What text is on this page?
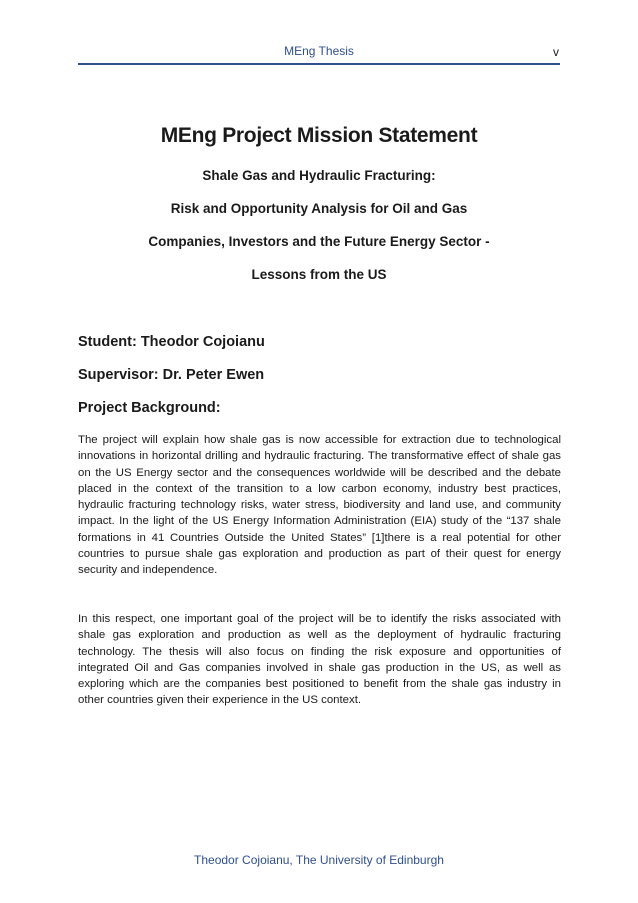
MEng Thesis	v
MEng Project Mission Statement
Shale Gas and Hydraulic Fracturing:
Risk and Opportunity Analysis for Oil and Gas
Companies, Investors and the Future Energy Sector -
Lessons from the US
Student: Theodor Cojoianu
Supervisor: Dr. Peter Ewen
Project Background:

The project will explain how shale gas is now accessible for extraction due to technological innovations in horizontal drilling and hydraulic fracturing. The transformative effect of shale gas on the US Energy sector and the consequences worldwide will be described and the debate placed in the context of the transition to a low carbon economy, industry best practices, hydraulic fracturing technology risks, water stress, biodiversity and land use, and community impact. In the light of the US Energy Information Administration (EIA) study of the “137 shale formations in 41 Countries Outside the United States” [1]there is a real potential for other countries to pursue shale gas exploration and production as part of their quest for energy security and independence.

In this respect, one important goal of the project will be to identify the risks associated with shale gas exploration and production as well as the deployment of hydraulic fracturing technology. The thesis will also focus on finding the risk exposure and opportunities of integrated Oil and Gas companies involved in shale gas production in the US, as well as exploring which are the companies best positioned to benefit from the shale gas industry in other countries given their experience in the US context.

Theodor Cojoianu, The University of Edinburgh
